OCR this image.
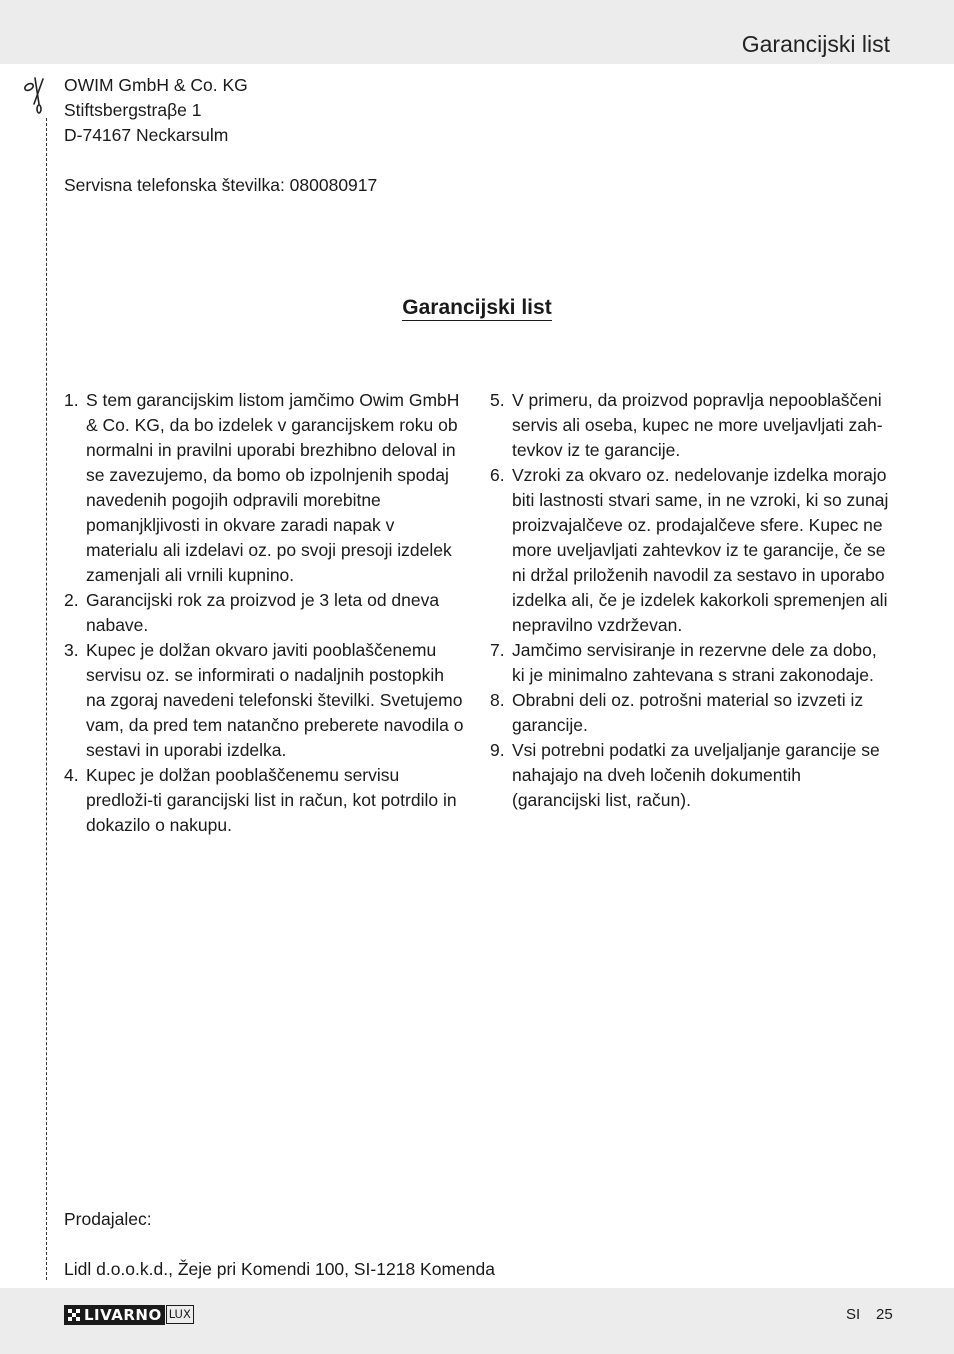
Garancijski list
OWIM GmbH & Co. KG
Stiftsbergstraβe 1
D-74167 Neckarsulm
Servisna telefonska številka: 080080917
Garancijski list
1. S tem garancijskim listom jamčimo Owim GmbH & Co. KG, da bo izdelek v garancijskem roku ob normalni in pravilni uporabi brezhibno deloval in se zavezujemo, da bomo ob izpolnjenih spodaj navedenih pogojih odpravili morebitne pomanjkljivosti in okvare zaradi napak v materialu ali izdelavi oz. po svoji presoji izdelek zamenjali ali vrnili kupnino.
2. Garancijski rok za proizvod je 3 leta od dneva nabave.
3. Kupec je dolžan okvaro javiti pooblaščenemu servisu oz. se informirati o nadaljnih postopkih na zgoraj navedeni telefonski številki. Svetujemo vam, da pred tem natančno preberete navodila o sestavi in uporabi izdelka.
4. Kupec je dolžan pooblaščenemu servisu predloži-ti garancijski list in račun, kot potrdilo in dokazilo o nakupu.
5. V primeru, da proizvod popravlja nepooblaščeni servis ali oseba, kupec ne more uveljavljati zah-tevkov iz te garancije.
6. Vzroki za okvaro oz. nedelovanje izdelka morajo biti lastnosti stvari same, in ne vzroki, ki so zunaj proizvajalčeve oz. prodajalčeve sfere. Kupec ne more uveljavljati zahtevkov iz te garancije, če se ni držal priloženih navodil za sestavo in uporabo izdelka ali, če je izdelek kakorkoli spremenjen ali nepravilno vzdrževan.
7. Jamčimo servisiranje in rezervne dele za dobo, ki je minimalno zahtevana s strani zakonodaje.
8. Obrabni deli oz. potrošni material so izvzeti iz garancije.
9. Vsi potrebni podatki za uveljaljanje garancije se nahajajo na dveh ločenih dokumentih (garancijski list, račun).
Prodajalec:
Lidl d.o.o.k.d., Žeje pri Komendi 100, SI-1218 Komenda
LIVARNO LUX	SI 25
